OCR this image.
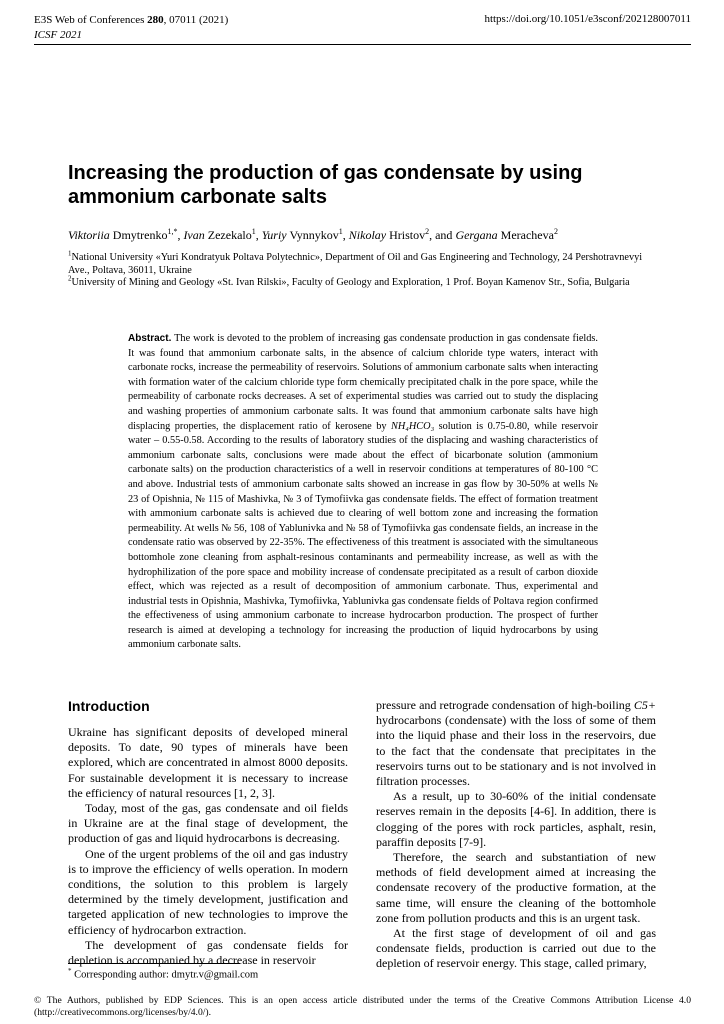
E3S Web of Conferences 280, 07011 (2021)
ICSF 2021
https://doi.org/10.1051/e3sconf/202128007011
Increasing the production of gas condensate by using ammonium carbonate salts
Viktoriia Dmytrenko$^{1,*}$, Ivan Zezekalo$^1$, Yuriy Vynnykov$^1$, Nikolay Hristov$^2$, and Gergana Meracheva$^2$
$^1$National University «Yuri Kondratyuk Poltava Polytechnic», Department of Oil and Gas Engineering and Technology, 24 Pershotravnevyi Ave., Poltava, 36011, Ukraine
$^2$University of Mining and Geology «St. Ivan Rilski», Faculty of Geology and Exploration, 1 Prof. Boyan Kamenov Str., Sofia, Bulgaria
Abstract. The work is devoted to the problem of increasing gas condensate production in gas condensate fields. It was found that ammonium carbonate salts, in the absence of calcium chloride type waters, interact with carbonate rocks, increase the permeability of reservoirs. Solutions of ammonium carbonate salts when interacting with formation water of the calcium chloride type form chemically precipitated chalk in the pore space, while the permeability of carbonate rocks decreases. A set of experimental studies was carried out to study the displacing and washing properties of ammonium carbonate salts. It was found that ammonium carbonate salts have high displacing properties, the displacement ratio of kerosene by NH₄HCO₃ solution is 0.75-0.80, while reservoir water – 0.55-0.58. According to the results of laboratory studies of the displacing and washing characteristics of ammonium carbonate salts, conclusions were made about the effect of bicarbonate solution (ammonium carbonate salts) on the production characteristics of a well in reservoir conditions at temperatures of 80-100 °C and above. Industrial tests of ammonium carbonate salts showed an increase in gas flow by 30-50% at wells № 23 of Opishnia, № 115 of Mashivka, № 3 of Tymofiivka gas condensate fields. The effect of formation treatment with ammonium carbonate salts is achieved due to clearing of well bottom zone and increasing the formation permeability. At wells № 56, 108 of Yablunivka and № 58 of Tymofiivka gas condensate fields, an increase in the condensate ratio was observed by 22-35%. The effectiveness of this treatment is associated with the simultaneous bottomhole zone cleaning from asphalt-resinous contaminants and permeability increase, as well as with the hydrophilization of the pore space and mobility increase of condensate precipitated as a result of carbon dioxide effect, which was rejected as a result of decomposition of ammonium carbonate. Thus, experimental and industrial tests in Opishnia, Mashivka, Tymofiivka, Yablunivka gas condensate fields of Poltava region confirmed the effectiveness of using ammonium carbonate to increase hydrocarbon production. The prospect of further research is aimed at developing a technology for increasing the production of liquid hydrocarbons by using ammonium carbonate salts.
Introduction

Ukraine has significant deposits of developed mineral deposits. To date, 90 types of minerals have been explored, which are concentrated in almost 8000 deposits. For sustainable development it is necessary to increase the efficiency of natural resources [1, 2, 3].

Today, most of the gas, gas condensate and oil fields in Ukraine are at the final stage of development, the production of gas and liquid hydrocarbons is decreasing.

One of the urgent problems of the oil and gas industry is to improve the efficiency of wells operation. In modern conditions, the solution to this problem is largely determined by the timely development, justification and targeted application of new technologies to improve the efficiency of hydrocarbon extraction.

The development of gas condensate fields for depletion is accompanied by a decrease in reservoir

pressure and retrograde condensation of high-boiling C5+ hydrocarbons (condensate) with the loss of some of them into the liquid phase and their loss in the reservoirs, due to the fact that the condensate that precipitates in the reservoirs turns out to be stationary and is not involved in filtration processes.

As a result, up to 30-60% of the initial condensate reserves remain in the deposits [4-6]. In addition, there is clogging of the pores with rock particles, asphalt, resin, paraffin deposits [7-9].

Therefore, the search and substantiation of new methods of field development aimed at increasing the condensate recovery of the productive formation, at the same time, will ensure the cleaning of the bottomhole zone from pollution products and this is an urgent task.

At the first stage of development of oil and gas condensate fields, production is carried out due to the depletion of reservoir energy. This stage, called primary,

* Corresponding author: dmytr.v@gmail.com
© The Authors, published by EDP Sciences. This is an open access article distributed under the terms of the Creative Commons Attribution License 4.0 (http://creativecommons.org/licenses/by/4.0/).
